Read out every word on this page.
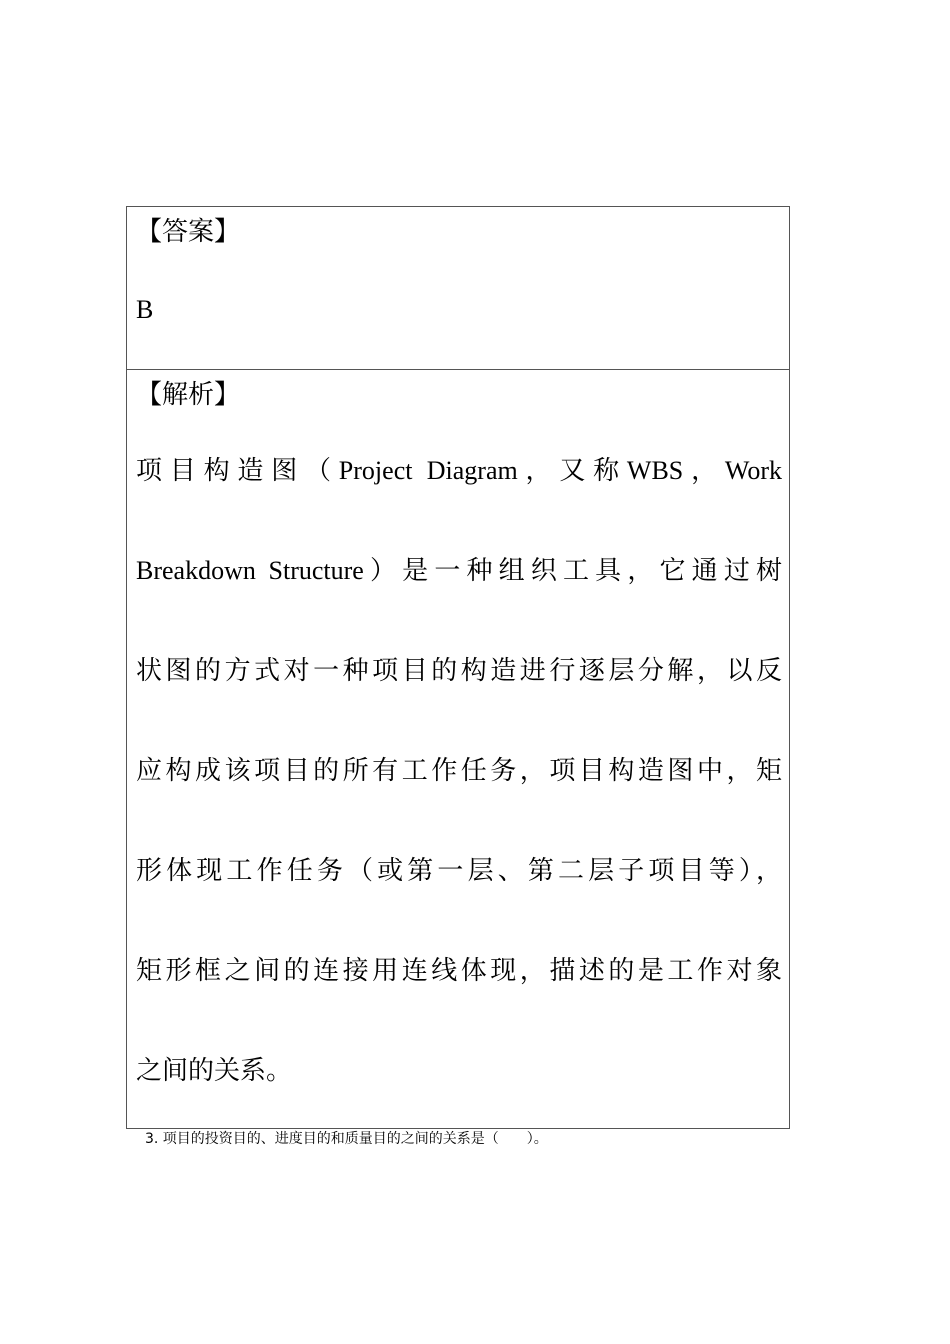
【答案】
B
【解析】
项目构造图（Project Diagram，又称WBS，Work
Breakdown Structure）是一种组织工具，它通过树
状图的方式对一种项目的构造进行逐层分解，以反
应构成该项目的所有工作任务，项目构造图中，矩
形体现工作任务（或第一层、第二层子项目等），
矩形框之间的连接用连线体现，描述的是工作对象
之间的关系。
3. 项目的投资目的、进度目的和质量目的之间的关系是（　　）。
